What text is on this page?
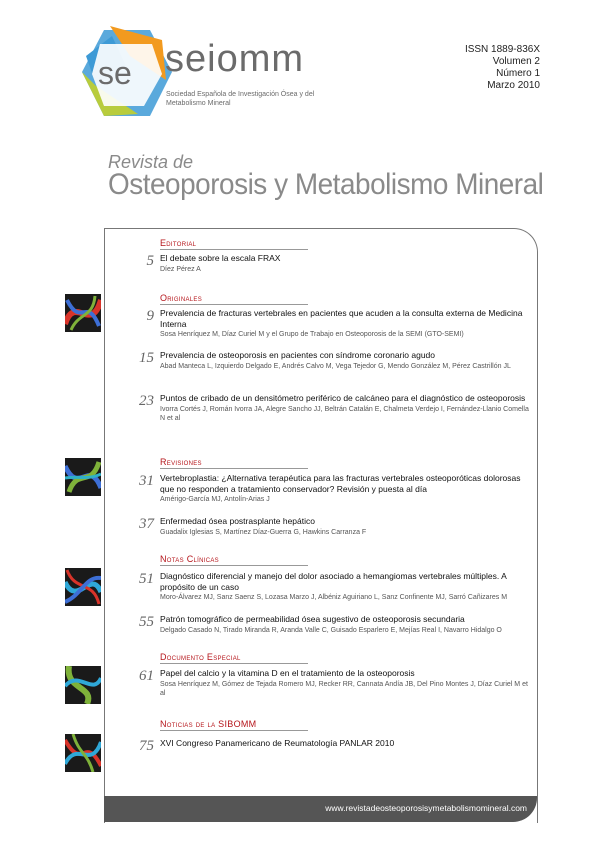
se seiomm
Sociedad Española de Investigación Ósea y del Metabolismo Mineral
ISSN 1889-836X
Volumen 2
Número 1
Marzo 2010
Revista de
Osteoporosis y Metabolismo Mineral
Editorial
5 El debate sobre la escala FRAX
Díez Pérez A
Originales
9 Prevalencia de fracturas vertebrales en pacientes que acuden a la consulta externa de Medicina Interna
Sosa Henríquez M, Díaz Curiel M y el Grupo de Trabajo en Osteoporosis de la SEMI (GTO-SEMI)
15 Prevalencia de osteoporosis en pacientes con síndrome coronario agudo
Abad Manteca L, Izquierdo Delgado E, Andrés Calvo M, Vega Tejedor G, Mendo González M, Pérez Castrillón JL
23 Puntos de cribado de un densitómetro periférico de calcáneo para el diagnóstico de osteoporosis
Ivorra Cortés J, Román Ivorra JA, Alegre Sancho JJ, Beltrán Catalán E, Chalmeta Verdejo I, Fernández-Llanio Comella N et al
Revisiones
31 Vertebroplastia: ¿Alternativa terapéutica para las fracturas vertebrales osteoporóticas dolorosas que no responden a tratamiento conservador? Revisión y puesta al día
Amérigo-García MJ, Antolín-Arias J
37 Enfermedad ósea postrasplante hepático
Guadalix Iglesias S, Martínez Díaz-Guerra G, Hawkins Carranza F
Notas Clínicas
51 Diagnóstico diferencial y manejo del dolor asociado a hemangiomas vertebrales múltiples. A propósito de un caso
Moro-Álvarez MJ, Sanz Saenz S, Lozasa Marzo J, Albéniz Aguiriano L, Sanz Confinente MJ, Sarró Cañizares M
55 Patrón tomográfico de permeabilidad ósea sugestivo de osteoporosis secundaria
Delgado Casado N, Tirado Miranda R, Aranda Valle C, Guisado Esparlero E, Mejías Real I, Navarro Hidalgo O
Documento Especial
61 Papel del calcio y la vitamina D en el tratamiento de la osteoporosis
Sosa Henríquez M, Gómez de Tejada Romero MJ, Recker RR, Cannata Andía JB, Del Pino Montes J, Díaz Curiel M et al
Noticias de la SIBOMM
75 XVI Congreso Panamericano de Reumatología PANLAR 2010
www.revistadeosteoporosisymetabolismomineral.com
